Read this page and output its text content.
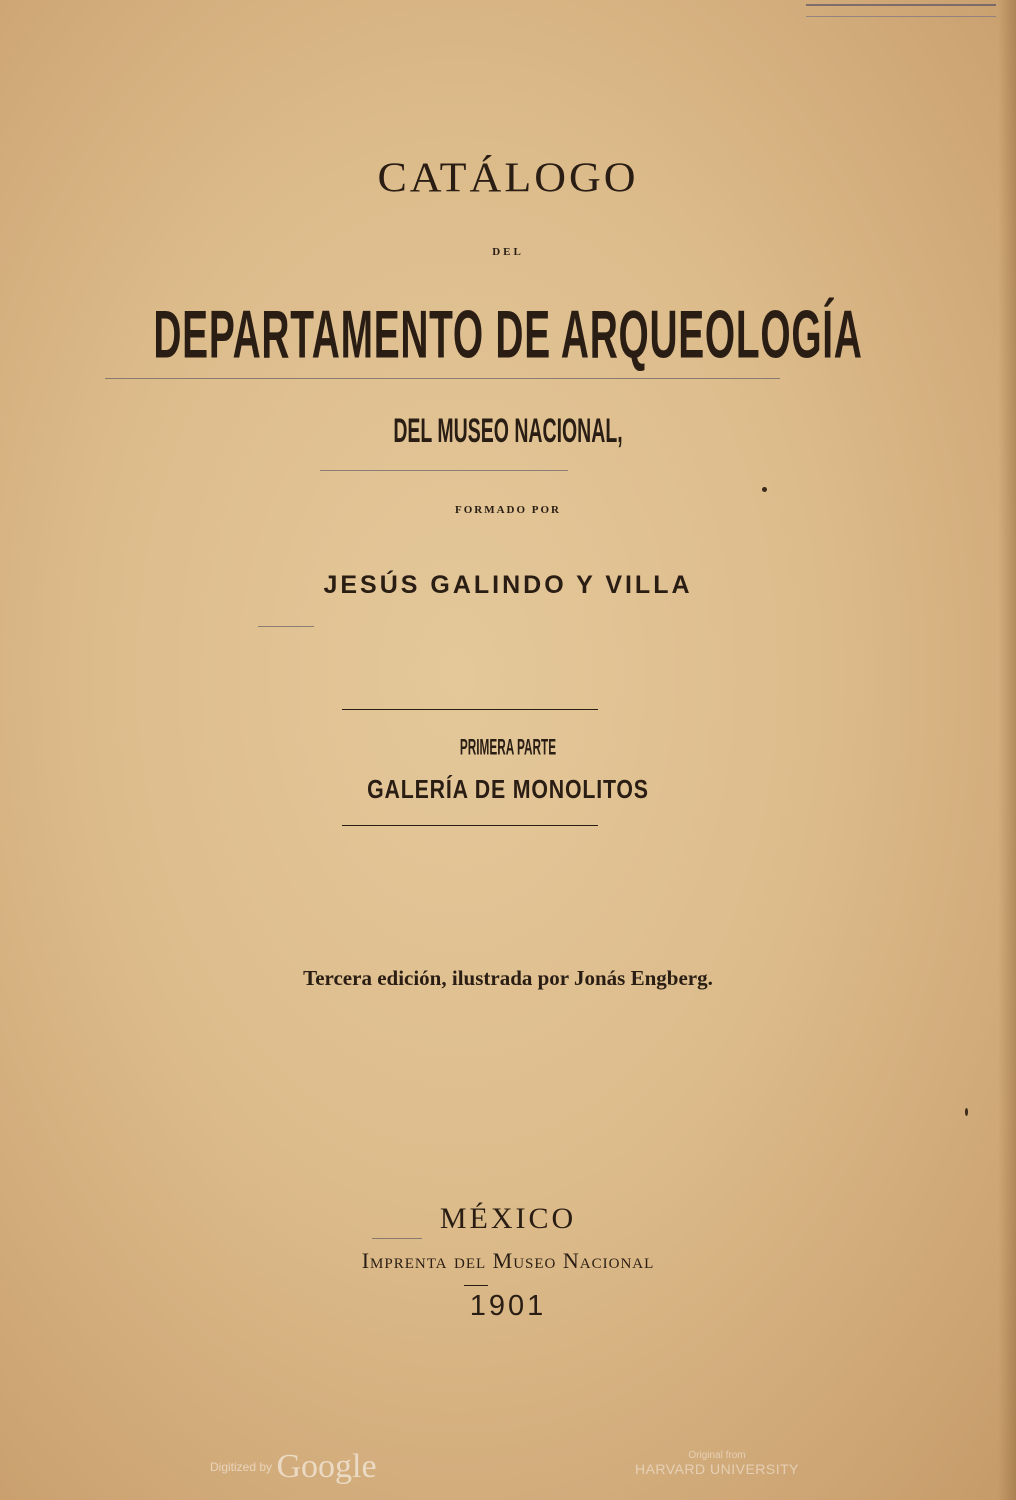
CATÁLOGO
DEL
DEPARTAMENTO DE ARQUEOLOGÍA
DEL MUSEO NACIONAL,
FORMADO POR
JESÚS GALINDO Y VILLA
PRIMERA PARTE
GALERÍA DE MONOLITOS
Tercera edición, ilustrada por Jonás Engberg.
MÉXICO
Imprenta del Museo Nacional
1901
Digitized by Google	Original from
HARVARD UNIVERSITY
